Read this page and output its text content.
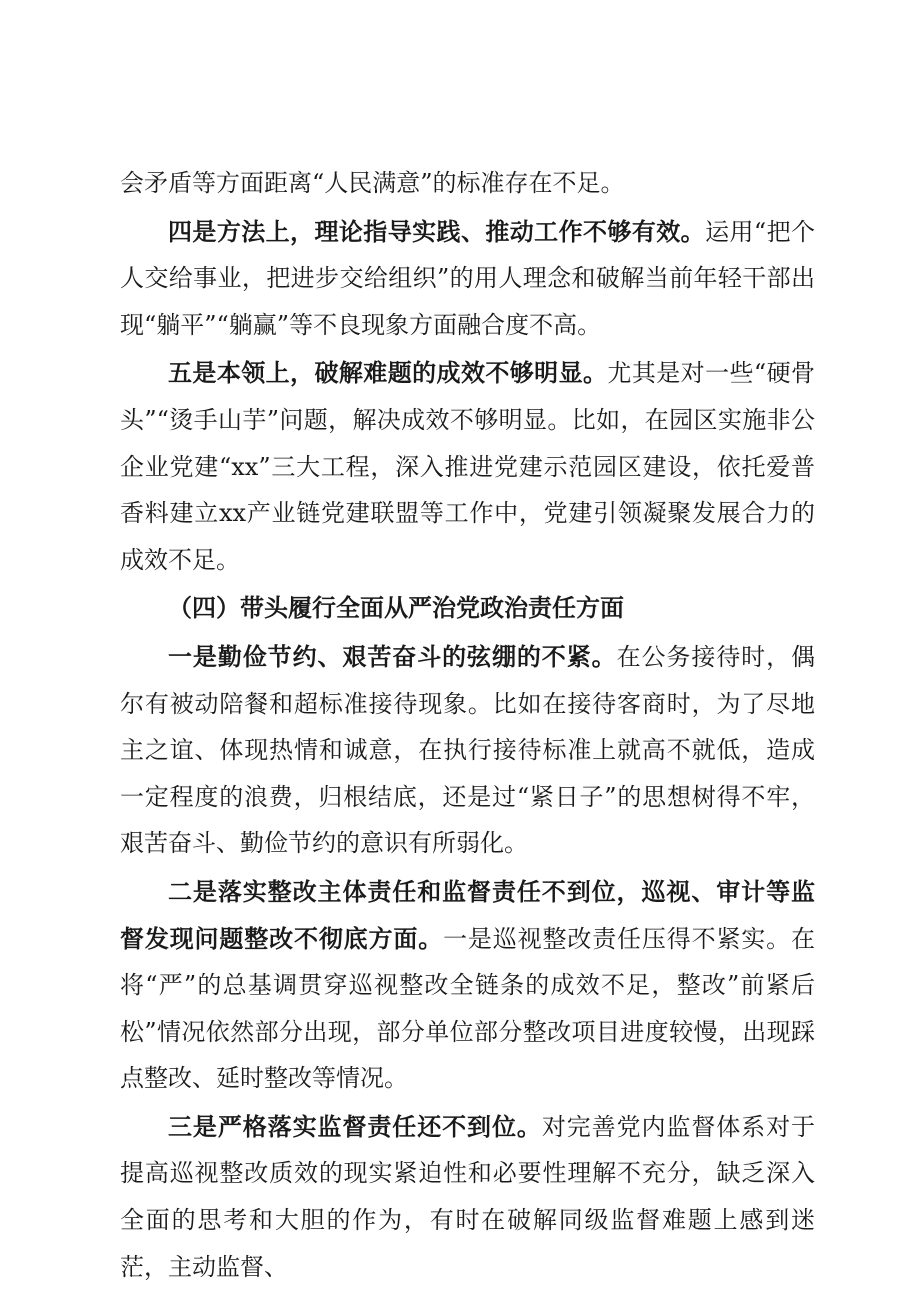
会矛盾等方面距离“人民满意”的标准存在不足。

四是方法上，理论指导实践、推动工作不够有效。运用“把个人交给事业，把进步交给组织”的用人理念和破解当前年轻干部出现“躺平”“躺赢”等不良现象方面融合度不高。

五是本领上，破解难题的成效不够明显。尤其是对一些“硬骨头”“烫手山芋”问题，解决成效不够明显。比如，在园区实施非公企业党建“xx”三大工程，深入推进党建示范园区建设，依托爱普香料建立xx产业链党建联盟等工作中，党建引领凝聚发展合力的成效不足。

（四）带头履行全面从严治党政治责任方面

一是勤俭节约、艰苦奋斗的弦绷的不紧。在公务接待时，偶尔有被动陪餐和超标准接待现象。比如在接待客商时，为了尽地主之谊、体现热情和诚意，在执行接待标准上就高不就低，造成一定程度的浪费，归根结底，还是过“紧日子”的思想树得不牢，艰苦奋斗、勤俭节约的意识有所弱化。

二是落实整改主体责任和监督责任不到位，巡视、审计等监督发现问题整改不彻底方面。一是巡视整改责任压得不紧实。在将“严”的总基调贯穿巡视整改全链条的成效不足，整改”前紧后松”情况依然部分出现，部分单位部分整改项目进度较慢，出现踩点整改、延时整改等情况。

三是严格落实监督责任还不到位。对完善党内监督体系对于提高巡视整改质效的现实紧迫性和必要性理解不充分，缺乏深入全面的思考和大胆的作为，有时在破解同级监督难题上感到迷茫，主动监督、
